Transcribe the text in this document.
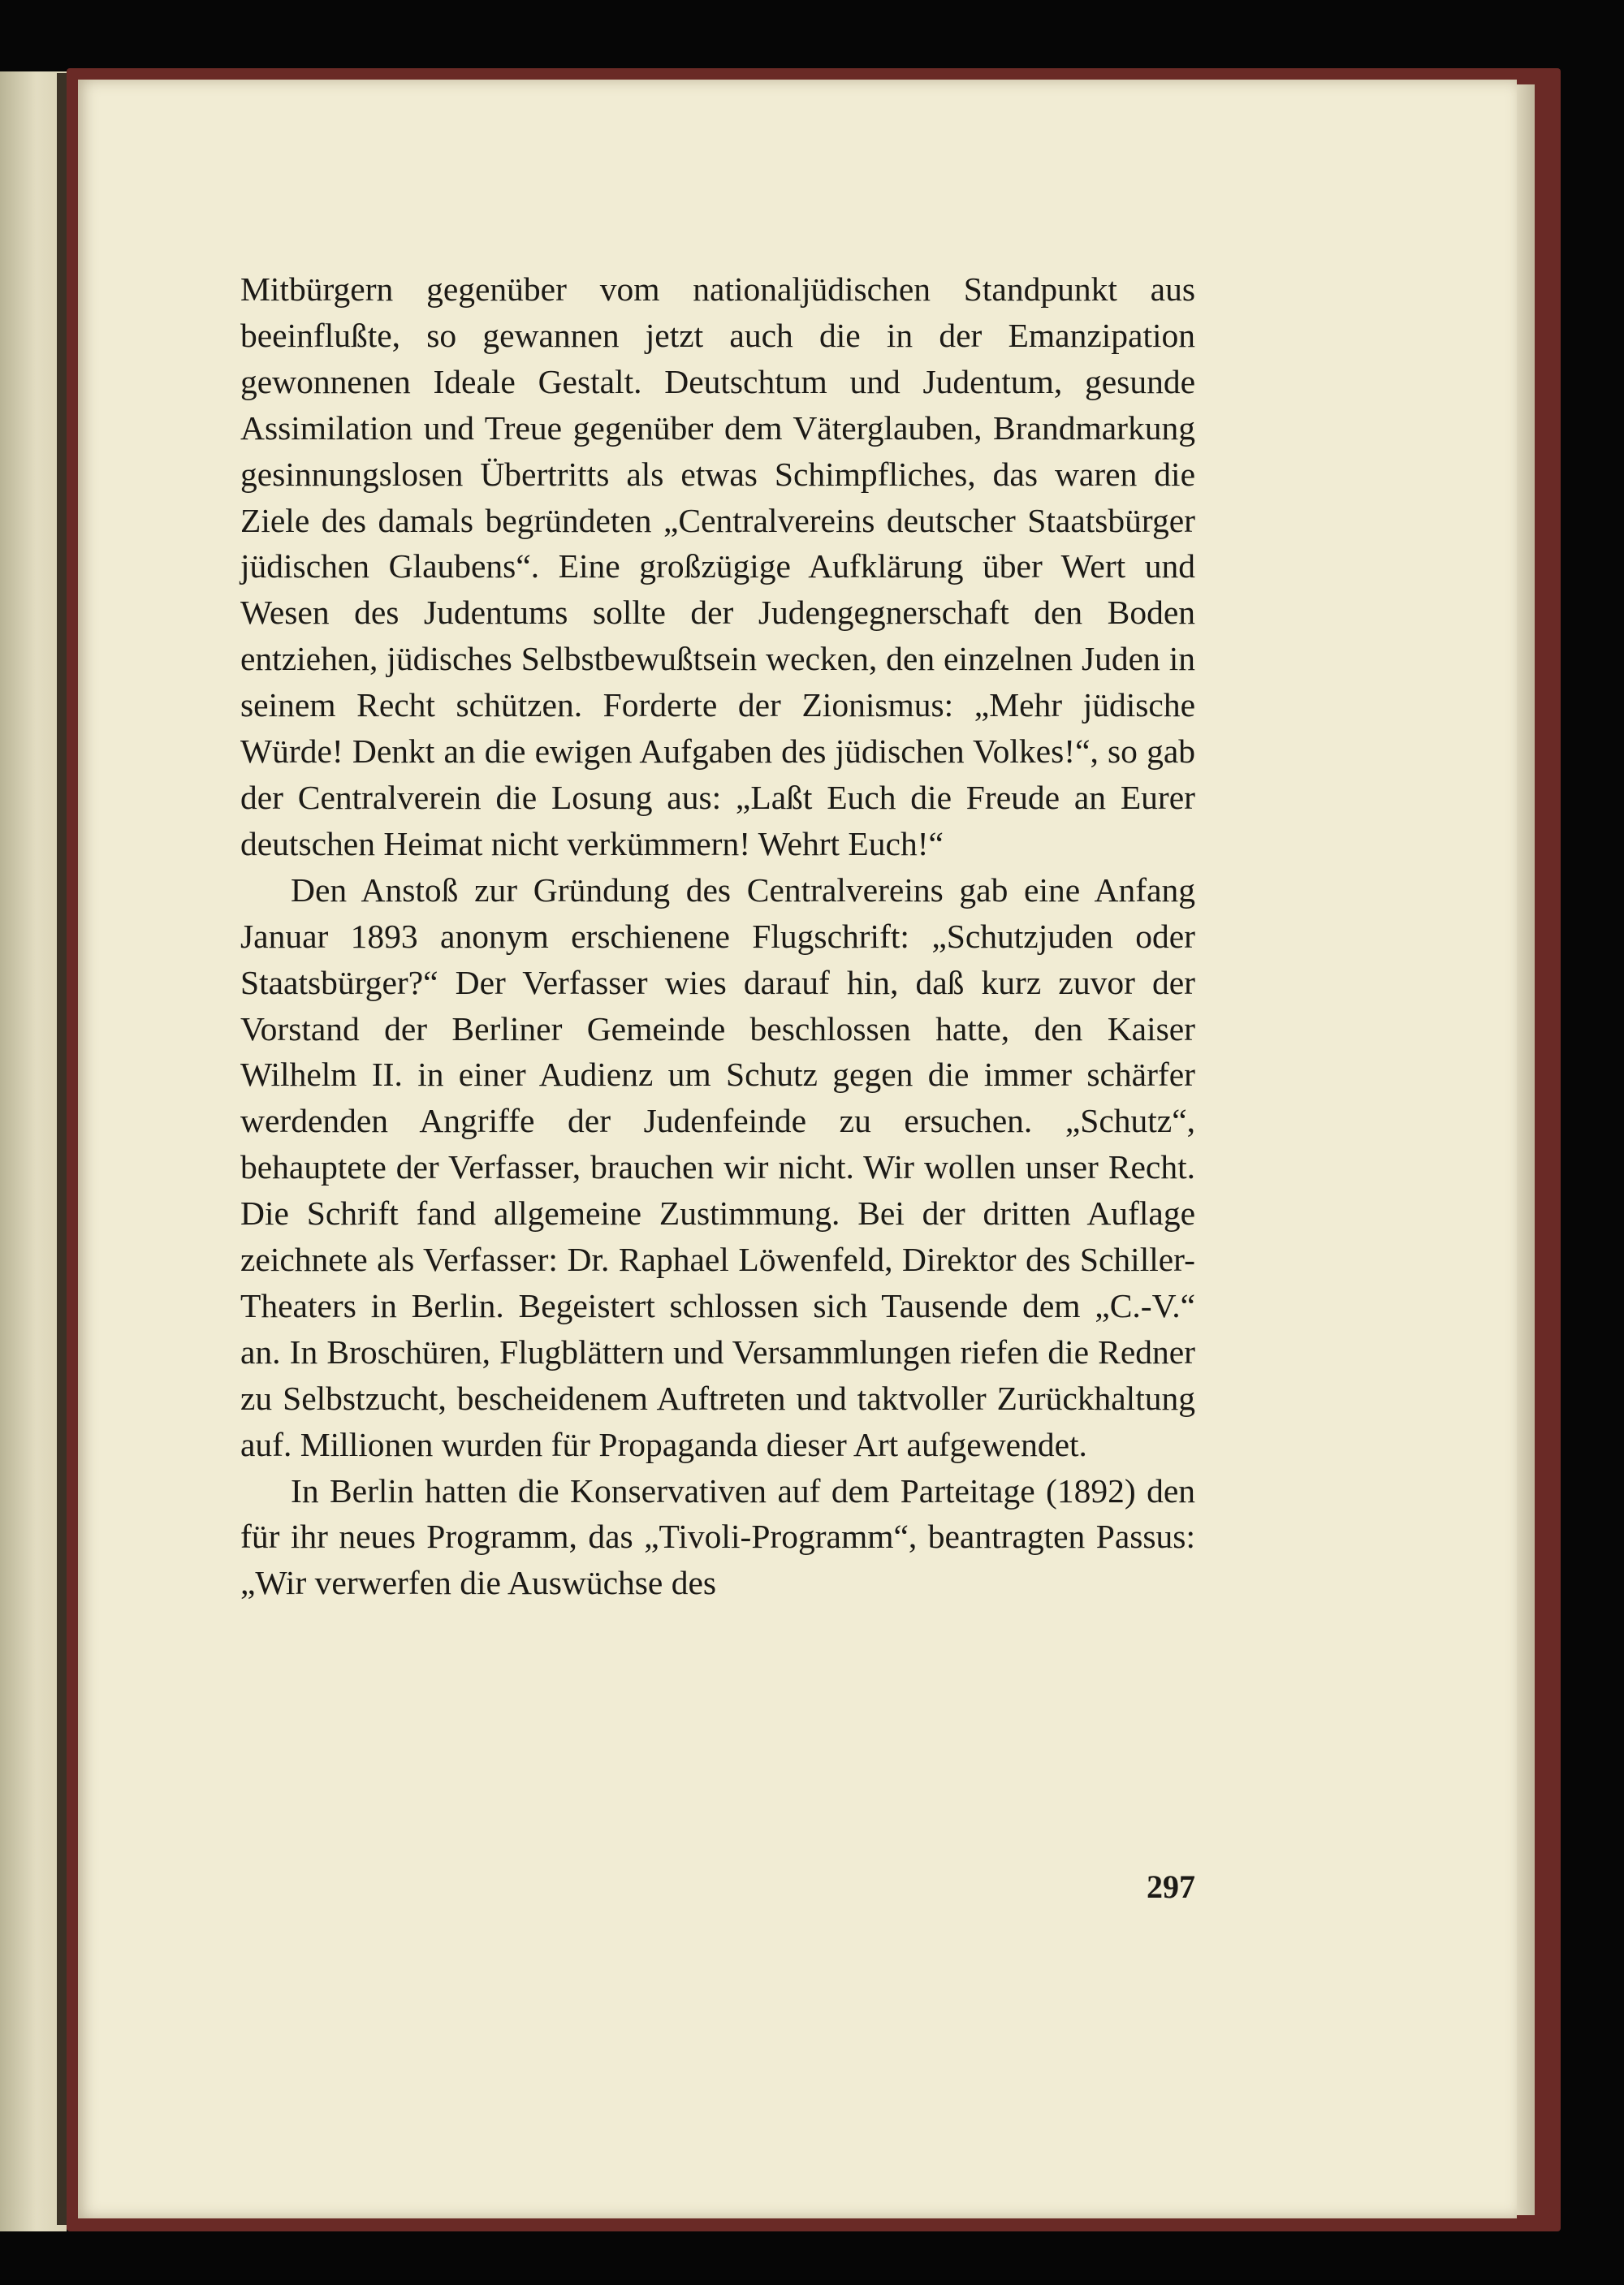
Mitbürgern gegenüber vom nationaljüdischen Standpunkt aus beeinflußte, so gewannen jetzt auch die in der Emanzipation gewonnenen Ideale Gestalt. Deutschtum und Judentum, gesunde Assimilation und Treue gegenüber dem Väterglauben, Brandmarkung gesinnungslosen Übertritts als etwas Schimpfliches, das waren die Ziele des damals begründeten „Centralvereins deutscher Staatsbürger jüdischen Glaubens“. Eine großzügige Aufklärung über Wert und Wesen des Judentums sollte der Judengegnerschaft den Boden entziehen, jüdisches Selbstbewußtsein wecken, den einzelnen Juden in seinem Recht schützen. Forderte der Zionismus: „Mehr jüdische Würde! Denkt an die ewigen Aufgaben des jüdischen Volkes!“, so gab der Centralverein die Losung aus: „Laßt Euch die Freude an Eurer deutschen Heimat nicht verkümmern! Wehrt Euch!“

Den Anstoß zur Gründung des Centralvereins gab eine Anfang Januar 1893 anonym erschienene Flugschrift: „Schutzjuden oder Staatsbürger?“ Der Verfasser wies darauf hin, daß kurz zuvor der Vorstand der Berliner Gemeinde beschlossen hatte, den Kaiser Wilhelm II. in einer Audienz um Schutz gegen die immer schärfer werdenden Angriffe der Judenfeinde zu ersuchen. „Schutz“, behauptete der Verfasser, brauchen wir nicht. Wir wollen unser Recht. Die Schrift fand allgemeine Zustimmung. Bei der dritten Auflage zeichnete als Verfasser: Dr. Raphael Löwenfeld, Direktor des Schiller-Theaters in Berlin. Begeistert schlossen sich Tausende dem „C.-V.“ an. In Broschüren, Flugblättern und Versammlungen riefen die Redner zu Selbstzucht, bescheidenem Auftreten und taktvoller Zurückhaltung auf. Millionen wurden für Propaganda dieser Art aufgewendet.

In Berlin hatten die Konservativen auf dem Parteitage (1892) den für ihr neues Programm, das „Tivoli-Programm“, beantragten Passus: „Wir verwerfen die Auswüchse des

297
